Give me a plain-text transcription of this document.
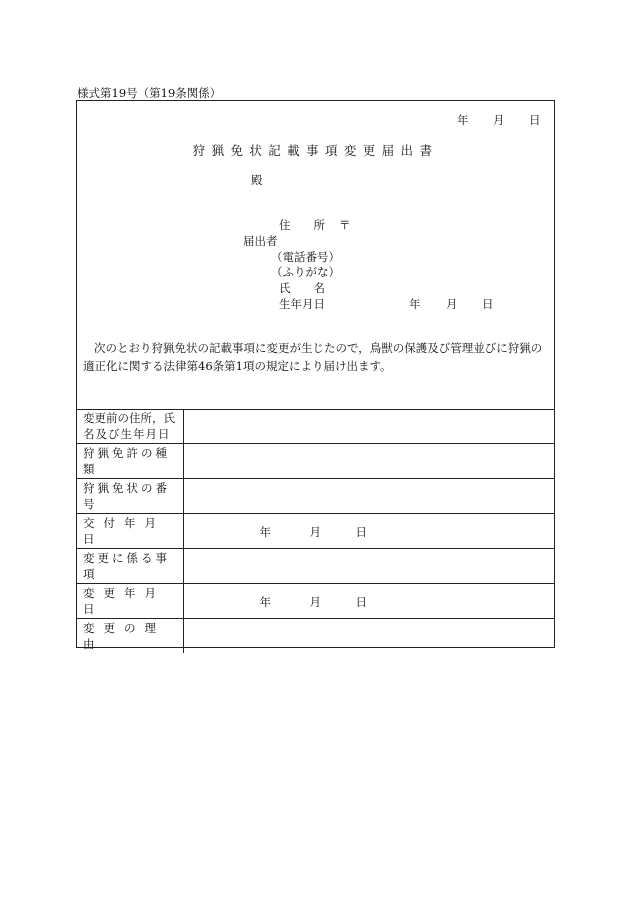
様式第19号（第19条関係）
年 月 日
狩猟免状記載事項変更届出書
殿
住　　所 〒
届出者
（電話番号）
（ふりがな）
氏　　名
生年月日	年 月 日
次のとおり狩猟免状の記載事項に変更が生じたので，鳥獣の保護及び管理並びに狩猟の適正化に関する法律第46条第1項の規定により届け出ます。
変更前の住所，氏
名及び生年月日	

狩猟免許の種類	
狩猟免状の番号	
交付年月日	年 月 日

変更に係る事項	
変更年月日	年 月 日

変更の理由	
